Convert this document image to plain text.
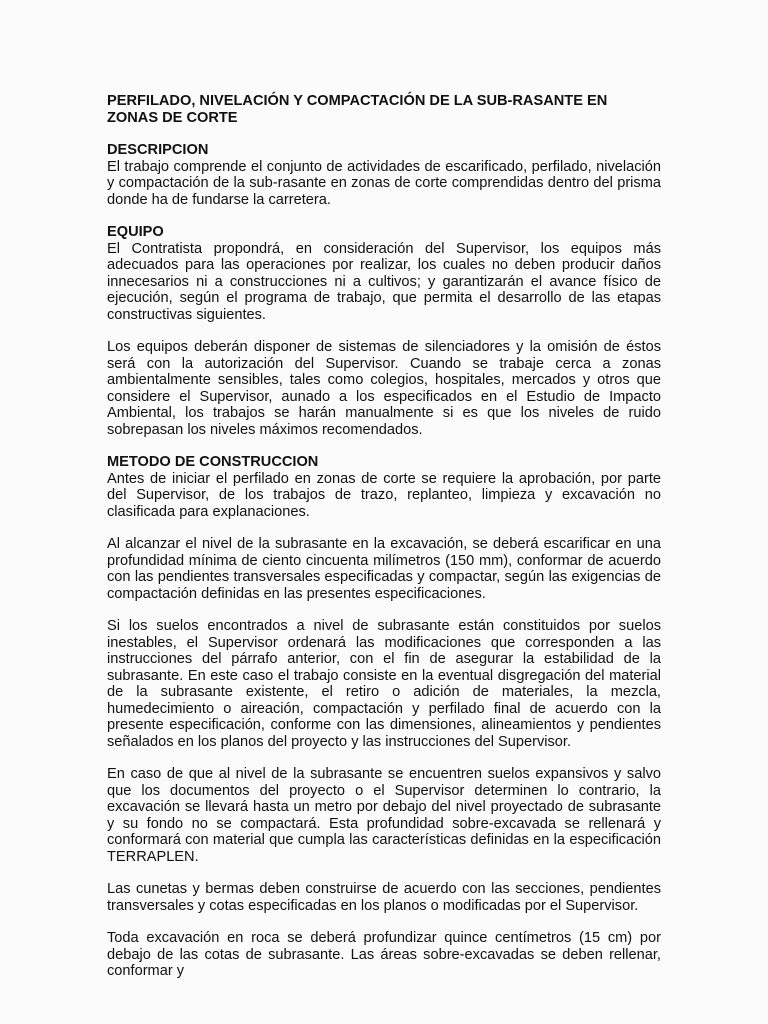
PERFILADO, NIVELACIÓN Y COMPACTACIÓN DE LA SUB-RASANTE EN ZONAS DE CORTE
DESCRIPCION

El trabajo comprende el conjunto de actividades de escarificado, perfilado, nivelación y compactación de la sub-rasante en zonas de corte comprendidas dentro del prisma donde ha de fundarse la carretera.

EQUIPO

El Contratista propondrá, en consideración del Supervisor, los equipos más adecuados para las operaciones por realizar, los cuales no deben producir daños innecesarios ni a construcciones ni a cultivos; y garantizarán el avance físico de ejecución, según el programa de trabajo, que permita el desarrollo de las etapas constructivas siguientes.

Los equipos deberán disponer de sistemas de silenciadores y la omisión de éstos será con la autorización del Supervisor. Cuando se trabaje cerca a zonas ambientalmente sensibles, tales como colegios, hospitales, mercados y otros que considere el Supervisor, aunado a los especificados en el Estudio de Impacto Ambiental, los trabajos se harán manualmente si es que los niveles de ruido sobrepasan los niveles máximos recomendados.

METODO DE CONSTRUCCION

Antes de iniciar el perfilado en zonas de corte se requiere la aprobación, por parte del Supervisor, de los trabajos de trazo, replanteo, limpieza y excavación no clasificada para explanaciones.

Al alcanzar el nivel de la subrasante en la excavación, se deberá escarificar en una profundidad mínima de ciento cincuenta milímetros (150 mm), conformar de acuerdo con las pendientes transversales especificadas y compactar, según las exigencias de compactación definidas en las presentes especificaciones.

Si los suelos encontrados a nivel de subrasante están constituidos por suelos inestables, el Supervisor ordenará las modificaciones que corresponden a las instrucciones del párrafo anterior, con el fin de asegurar la estabilidad de la subrasante. En este caso el trabajo consiste en la eventual disgregación del material de la subrasante existente, el retiro o adición de materiales, la mezcla, humedecimiento o aireación, compactación y perfilado final de acuerdo con la presente especificación, conforme con las dimensiones, alineamientos y pendientes señalados en los planos del proyecto y las instrucciones del Supervisor.

En caso de que al nivel de la subrasante se encuentren suelos expansivos y salvo que los documentos del proyecto o el Supervisor determinen lo contrario, la excavación se llevará hasta un metro por debajo del nivel proyectado de subrasante y su fondo no se compactará. Esta profundidad sobre-excavada se rellenará y conformará con material que cumpla las características definidas en la especificación TERRAPLEN.

Las cunetas y bermas deben construirse de acuerdo con las secciones, pendientes transversales y cotas especificadas en los planos o modificadas por el Supervisor.

Toda excavación en roca se deberá profundizar quince centímetros (15 cm) por debajo de las cotas de subrasante. Las áreas sobre-excavadas se deben rellenar, conformar y
